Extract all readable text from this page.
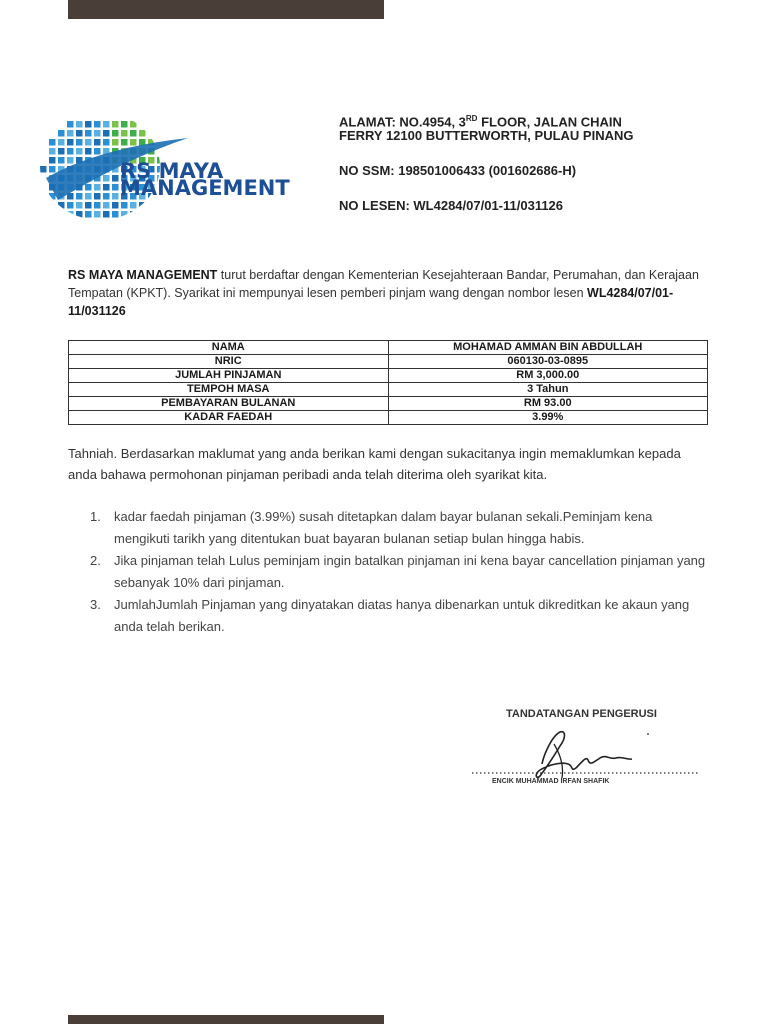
RS MAYA
MANAGEMENT
ALAMAT: NO.4954, 3RD FLOOR, JALAN CHAIN
FERRY 12100 BUTTERWORTH, PULAU PINANG
NO SSM: 198501006433 (001602686-H)
NO LESEN: WL4284/07/01-11/031126
RS MAYA MANAGEMENT turut berdaftar dengan Kementerian Kesejahteraan Bandar, Perumahan, dan Kerajaan Tempatan (KPKT). Syarikat ini mempunyai lesen pemberi pinjam wang dengan nombor lesen WL4284/07/01-11/031126
NAMA	MOHAMAD AMMAN BIN ABDULLAH
NRIC	060130-03-0895
JUMLAH PINJAMAN	RM 3,000.00
TEMPOH MASA	3 Tahun
PEMBAYARAN BULANAN	RM 93.00
KADAR FAEDAH	3.99%
Tahniah. Berdasarkan maklumat yang anda berikan kami dengan sukacitanya ingin memaklumkan kepada anda bahawa permohonan pinjaman peribadi anda telah diterima oleh syarikat kita.
1. kadar faedah pinjaman (3.99%) susah ditetapkan dalam bayar bulanan sekali.Peminjam kena mengikuti tarikh yang ditentukan buat bayaran bulanan setiap bulan hingga habis.
2. Jika pinjaman telah Lulus peminjam ingin batalkan pinjaman ini kena bayar cancellation pinjaman yang sebanyak 10% dari pinjaman.
3. JumlahJumlah Pinjaman yang dinyatakan diatas hanya dibenarkan untuk dikreditkan ke akaun yang anda telah berikan.
TANDATANGAN PENGERUSI
ENCIK MUHAMMAD IRFAN SHAFIK
